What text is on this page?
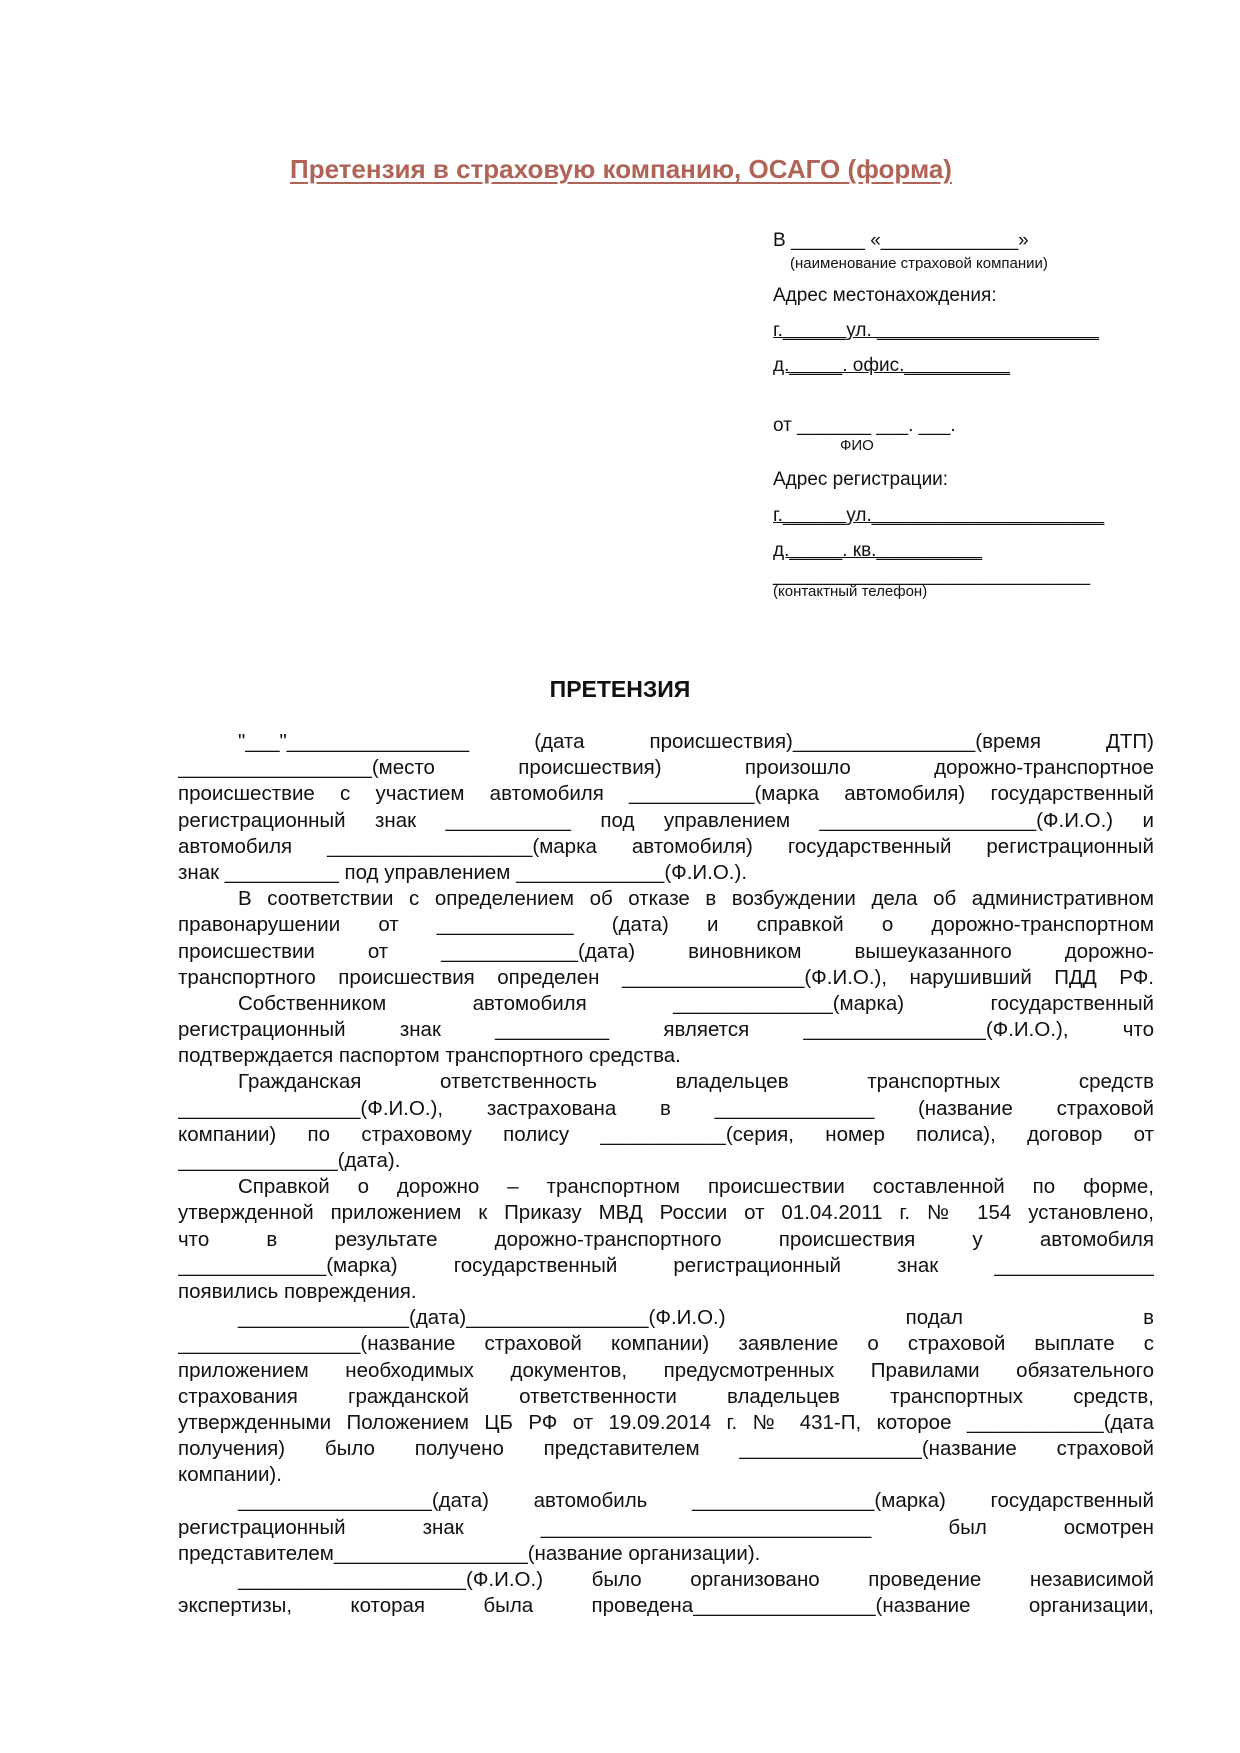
Претензия в страховую компанию, ОСАГО (форма)
В _______ «_____________»
(наименование страховой компании)
Адрес местонахождения:
г.______ул. _____________________
д._____. офис.__________
от _______ ___. ___.
ФИО
Адрес регистрации:
г.______ул.______________________
д._____. кв.__________
______________________________
(контактный телефон)
ПРЕТЕНЗИЯ
"___"________________ (дата происшествия)________________(время ДТП)
_________________(место происшествия) произошло дорожно-транспортное
происшествие с участием автомобиля ___________(марка автомобиля) государственный
регистрационный знак ___________ под управлением ___________________(Ф.И.О.) и
автомобиля __________________(марка автомобиля) государственный регистрационный
знак __________ под управлением _____________(Ф.И.О.).
В соответствии с определением об отказе в возбуждении дела об административном
правонарушении от ____________ (дата) и справкой о дорожно-транспортном
происшествии от ____________(дата) виновником вышеуказанного дорожно-
транспортного происшествия определен ________________(Ф.И.О.), нарушивший ПДД РФ.
Собственником автомобиля ______________(марка) государственный
регистрационный знак __________ является ________________(Ф.И.О.), что
подтверждается паспортом транспортного средства.
Гражданская ответственность владельцев транспортных средств
________________(Ф.И.О.), застрахована в ______________ (название страховой
компании) по страховому полису ___________(серия, номер полиса), договор от
______________(дата).
Справкой о дорожно – транспортном происшествии составленной по форме,
утвержденной приложением к Приказу МВД России от 01.04.2011 г. № 154 установлено,
что в результате дорожно-транспортного происшествия у автомобиля
_____________(марка) государственный регистрационный знак ______________
появились повреждения.
_______________(дата)________________(Ф.И.О.) подал в
________________(название страховой компании) заявление о страховой выплате с
приложением необходимых документов, предусмотренных Правилами обязательного
страхования гражданской ответственности владельцев транспортных средств,
утвержденными Положением ЦБ РФ от 19.09.2014 г. № 431-П, которое ____________(дата
получения) было получено представителем ________________(название страховой
компании).
_________________(дата) автомобиль ________________(марка) государственный
регистрационный знак _____________________________ был осмотрен
представителем_________________(название организации).
____________________(Ф.И.О.) было организовано проведение независимой
экспертизы, которая была проведена________________(название организации,
